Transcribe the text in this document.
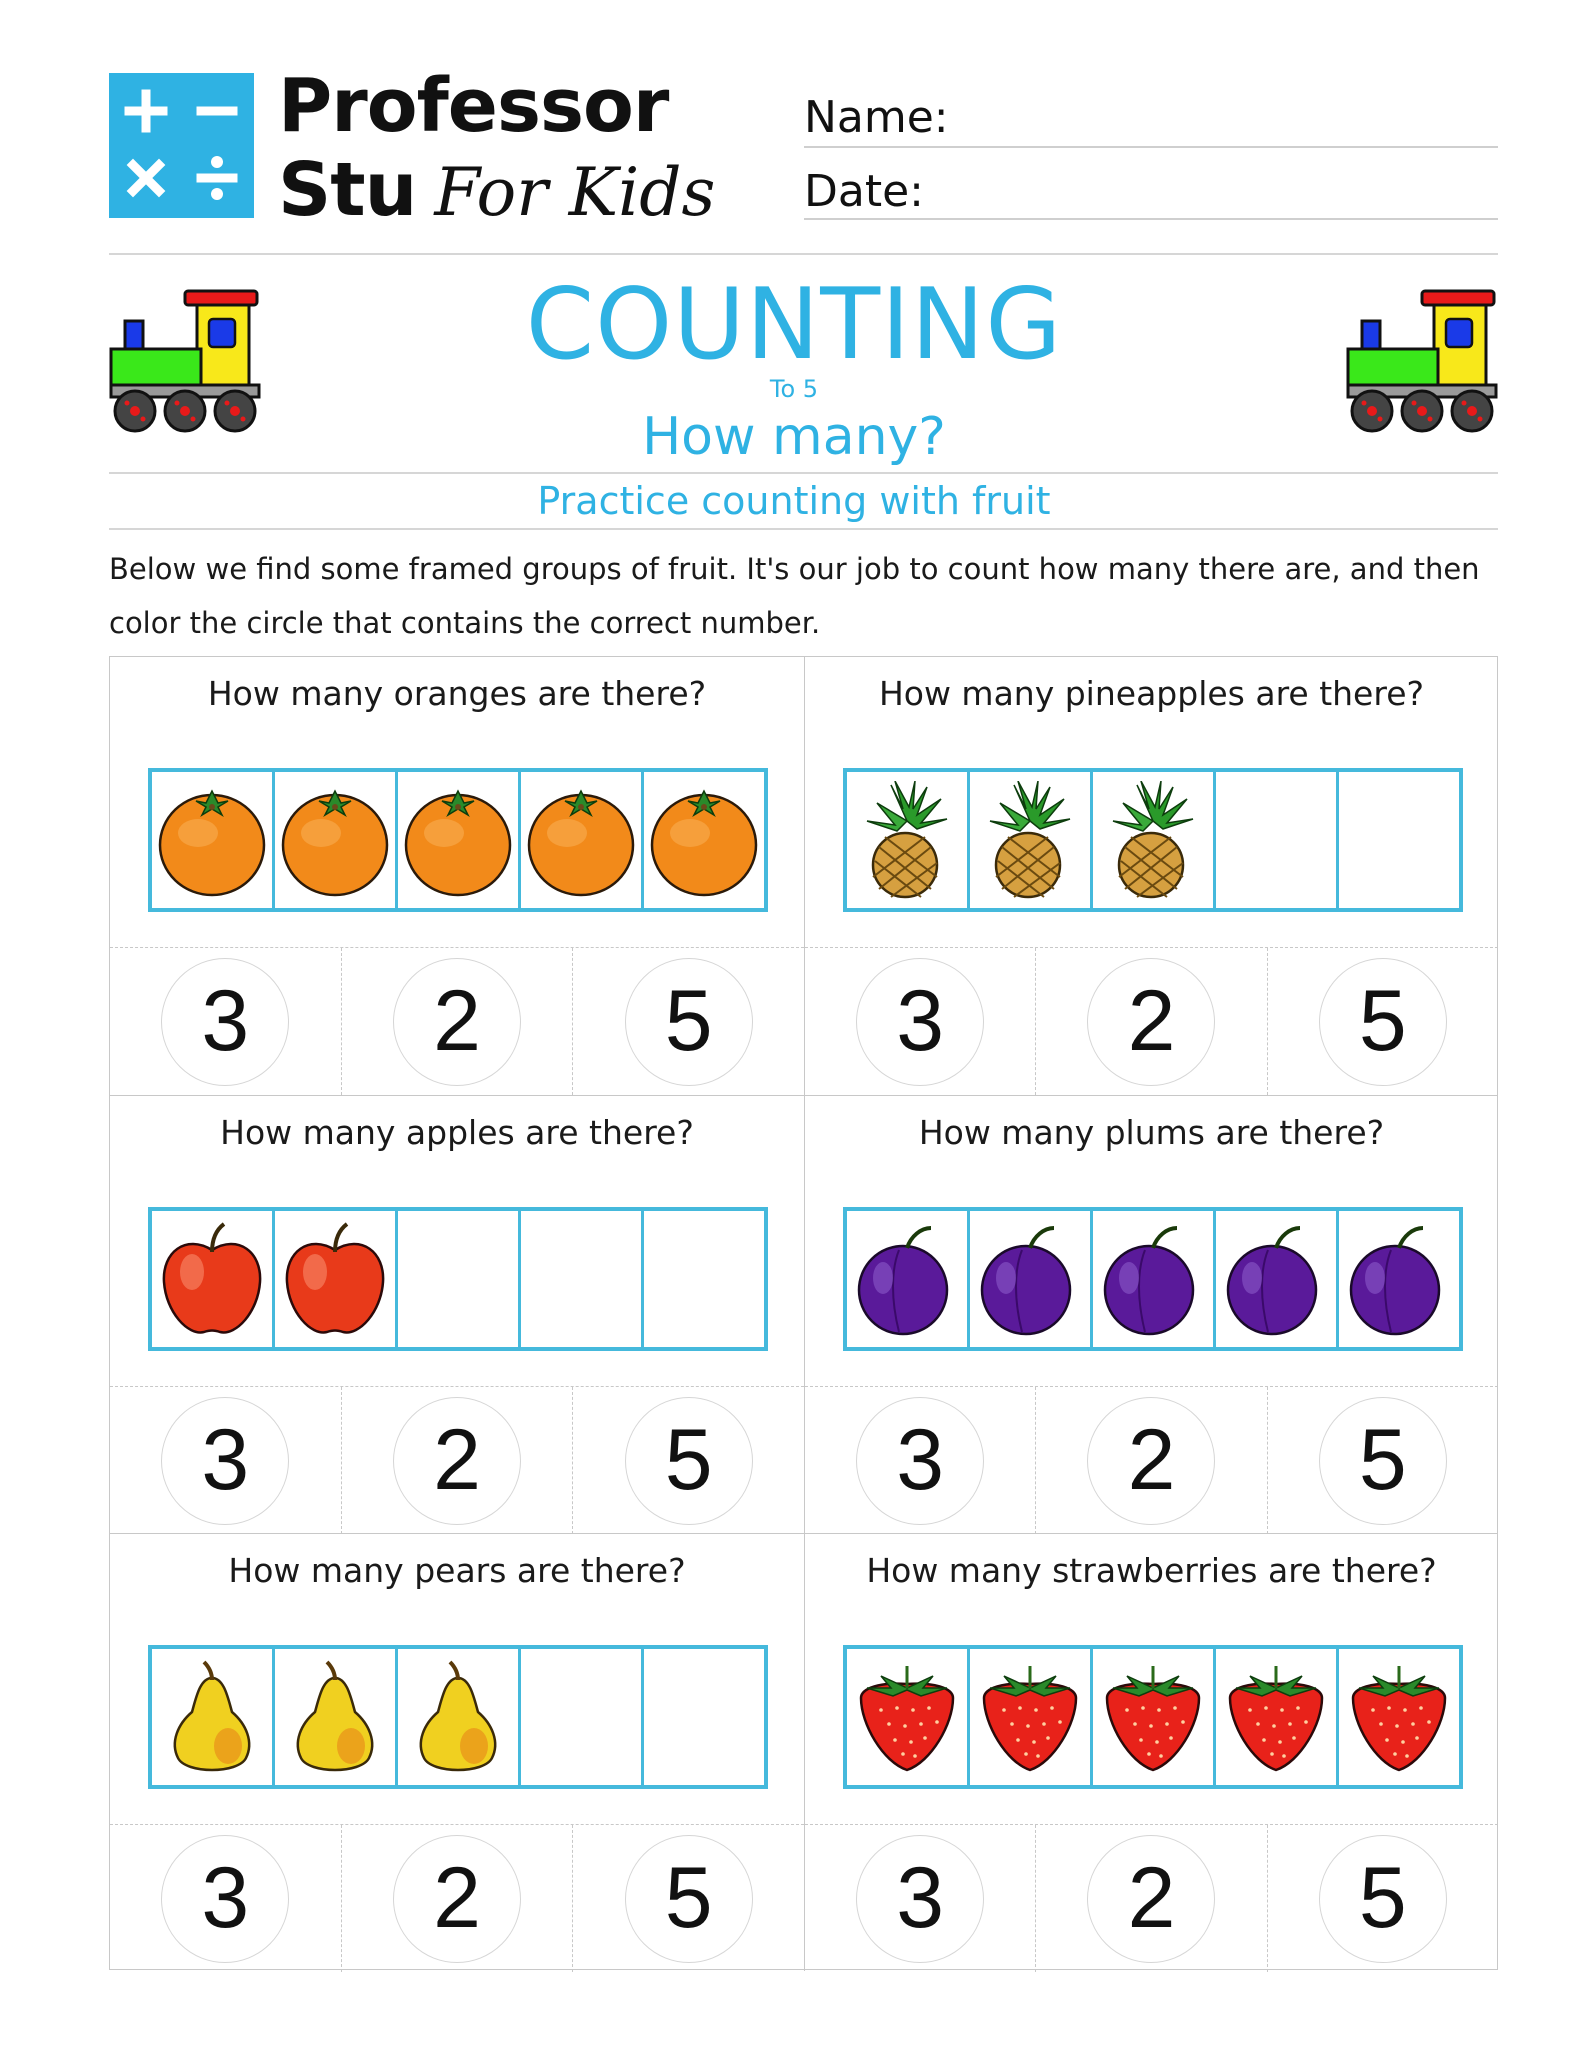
Professor
Stu For Kids
Name:
Date:
COUNTING
To 5
How many?
Practice counting with fruit
Below we find some framed groups of fruit. It's our job to count how many there are, and then color the circle that contains the correct number.
How many oranges are there?
3	2	5
How many pineapples are there?
3	2	5
How many apples are there?
3	2	5
How many plums are there?
3	2	5
How many pears are there?
3	2	5
How many strawberries are there?
3	2	5
